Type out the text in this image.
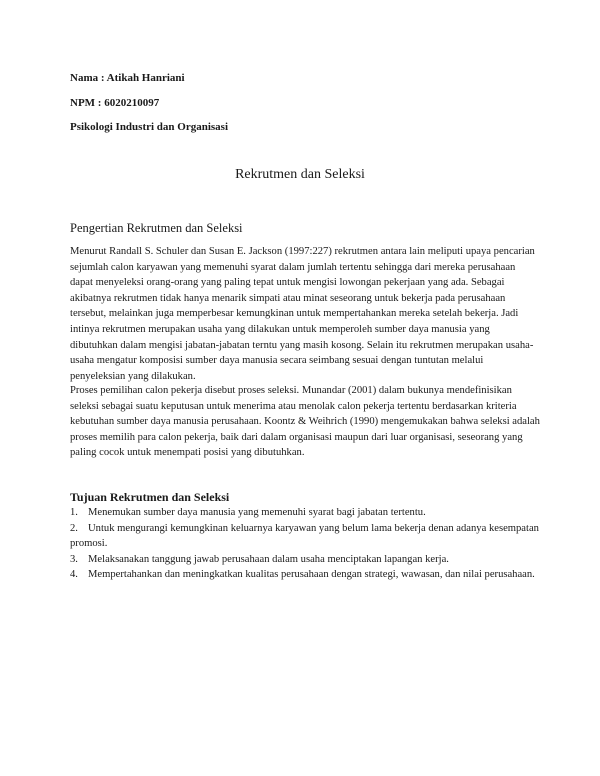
Nama : Atikah Hanriani

NPM : 6020210097

Psikologi Industri dan Organisasi

Rekrutmen dan Seleksi
Pengertian Rekrutmen dan Seleksi

Menurut Randall S. Schuler dan Susan E. Jackson (1997:227) rekrutmen antara lain meliputi upaya pencarian sejumlah calon karyawan yang memenuhi syarat dalam jumlah tertentu sehingga dari mereka perusahaan dapat menyeleksi orang-orang yang paling tepat untuk mengisi lowongan pekerjaan yang ada. Sebagai akibatnya rekrutmen tidak hanya menarik simpati atau minat seseorang untuk bekerja pada perusahaan tersebut, melainkan juga memperbesar kemungkinan untuk mempertahankan mereka setelah bekerja. Jadi intinya rekrutmen merupakan usaha yang dilakukan untuk memperoleh sumber daya manusia yang dibutuhkan dalam mengisi jabatan-jabatan terntu yang masih kosong. Selain itu rekrutmen merupakan usaha-usaha mengatur komposisi sumber daya manusia secara seimbang sesuai dengan tuntutan melalui penyeleksian yang dilakukan.

Proses pemilihan calon pekerja disebut proses seleksi. Munandar (2001) dalam bukunya mendefinisikan seleksi sebagai suatu keputusan untuk menerima atau menolak calon pekerja tertentu berdasarkan kriteria kebutuhan sumber daya manusia perusahaan. Koontz & Weihrich (1990) mengemukakan bahwa seleksi adalah proses memilih para calon pekerja, baik dari dalam organisasi maupun dari luar organisasi, seseorang yang paling cocok untuk menempati posisi yang dibutuhkan.

Tujuan Rekrutmen dan Seleksi
1. Menemukan sumber daya manusia yang memenuhi syarat bagi jabatan tertentu.
2. Untuk mengurangi kemungkinan keluarnya karyawan yang belum lama bekerja denan adanya kesempatan promosi.
3. Melaksanakan tanggung jawab perusahaan dalam usaha menciptakan lapangan kerja.
4. Mempertahankan dan meningkatkan kualitas perusahaan dengan strategi, wawasan, dan nilai perusahaan.
